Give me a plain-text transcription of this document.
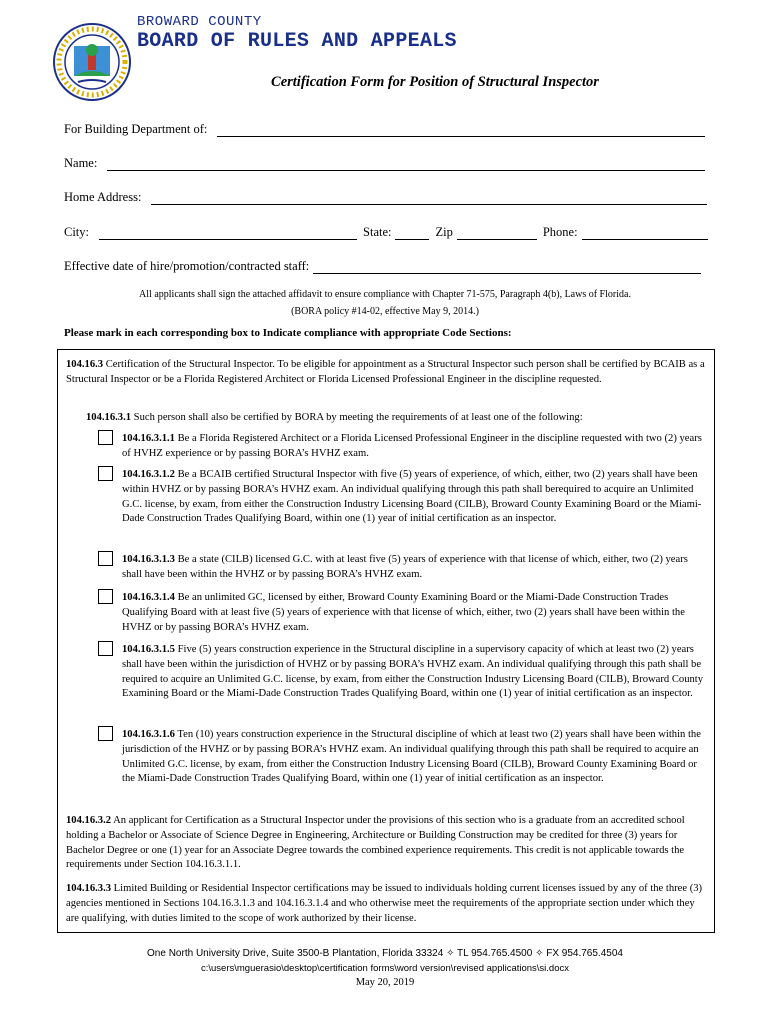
BROWARD COUNTY
BOARD OF RULES AND APPEALS
Certification Form for Position of Structural Inspector
For Building Department of:
Name:
Home Address:
City:	State:	Zip	Phone:
Effective date of hire/promotion/contracted staff:
All applicants shall sign the attached affidavit to ensure compliance with Chapter 71-575, Paragraph 4(b), Laws of Florida.
(BORA policy #14-02, effective May 9, 2014.)
Please mark in each corresponding box to Indicate compliance with appropriate Code Sections:
104.16.3 Certification of the Structural Inspector. To be eligible for appointment as a Structural Inspector such person shall be certified by BCAIB as a Structural Inspector or be a Florida Registered Architect or Florida Licensed Professional Engineer in the discipline requested.
104.16.3.1 Such person shall also be certified by BORA by meeting the requirements of at least one of the following:
104.16.3.1.1 Be a Florida Registered Architect or a Florida Licensed Professional Engineer in the discipline requested with two (2) years of HVHZ experience or by passing BORA’s HVHZ exam.
104.16.3.1.2 Be a BCAIB certified Structural Inspector with five (5) years of experience, of which, either, two (2) years shall have been within HVHZ or by passing BORA’s HVHZ exam. An individual qualifying through this path shall berequired to acquire an Unlimited G.C. license, by exam, from either the Construction Industry Licensing Board (CILB), Broward County Examining Board or the Miami-Dade Construction Trades Qualifying Board, within one (1) year of initial certification as an inspector.
104.16.3.1.3 Be a state (CILB) licensed G.C. with at least five (5) years of experience with that license of which, either, two (2) years shall have been within the HVHZ or by passing BORA’s HVHZ exam.
104.16.3.1.4 Be an unlimited GC, licensed by either, Broward County Examining Board or the Miami-Dade Construction Trades Qualifying Board with at least five (5) years of experience with that license of which, either, two (2) years shall have been within the HVHZ or by passing BORA’s HVHZ exam.
104.16.3.1.5 Five (5) years construction experience in the Structural discipline in a supervisory capacity of which at least two (2) years shall have been within the jurisdiction of HVHZ or by passing BORA’s HVHZ exam. An individual qualifying through this path shall be required to acquire an Unlimited G.C. license, by exam, from either the Construction Industry Licensing Board (CILB), Broward County Examining Board or the Miami-Dade Construction Trades Qualifying Board, within one (1) year of initial certification as an inspector.
104.16.3.1.6 Ten (10) years construction experience in the Structural discipline of which at least two (2) years shall have been within the jurisdiction of the HVHZ or by passing BORA’s HVHZ exam. An individual qualifying through this path shall be required to acquire an Unlimited G.C. license, by exam, from either the Construction Industry Licensing Board (CILB), Broward County Examining Board or the Miami-Dade Construction Trades Qualifying Board, within one (1) year of initial certification as an inspector.
104.16.3.2 An applicant for Certification as a Structural Inspector under the provisions of this section who is a graduate from an accredited school holding a Bachelor or Associate of Science Degree in Engineering, Architecture or Building Construction may be credited for three (3) years for Bachelor Degree or one (1) year for an Associate Degree towards the combined experience requirements. This credit is not applicable towards the requirements under Section 104.16.3.1.1.
104.16.3.3 Limited Building or Residential Inspector certifications may be issued to individuals holding current licenses issued by any of the three (3) agencies mentioned in Sections 104.16.3.1.3 and 104.16.3.1.4 and who otherwise meet the requirements of the appropriate section under which they are qualifying, with duties limited to the scope of work authorized by their license.
One North University Drive, Suite 3500-B Plantation, Florida 33324 ✧ TL 954.765.4500 ✧ FX 954.765.4504
c:\users\mguerasio\desktop\certification forms\word version\revised applications\si.docx
May 20, 2019
